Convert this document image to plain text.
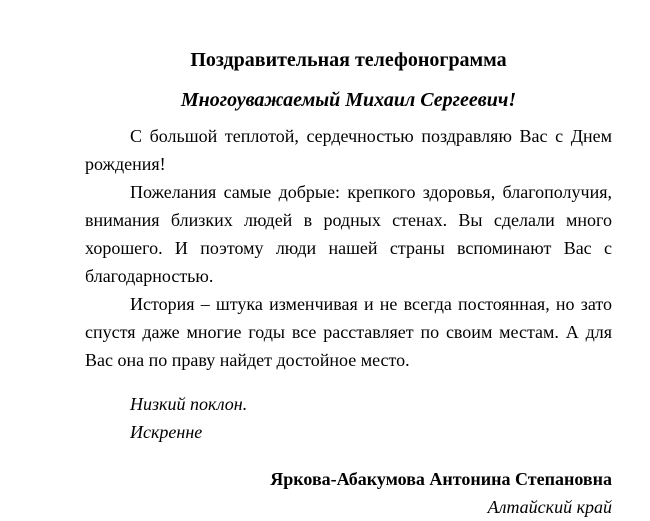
Поздравительная телефонограмма

Многоуважаемый Михаил Сергеевич!

С большой теплотой, сердечностью поздравляю Вас с Днем рождения!

Пожелания самые добрые: крепкого здоровья, благополучия, внимания близких людей в родных стенах. Вы сделали много хорошего. И поэтому люди нашей страны вспоминают Вас с благодарностью.

История – штука изменчивая и не всегда постоянная, но зато спустя даже многие годы все расставляет по своим местам. А для Вас она по праву найдет достойное место.

Низкий поклон.

Искренне

Яркова-Абакумова Антонина Степановна

Алтайский край
